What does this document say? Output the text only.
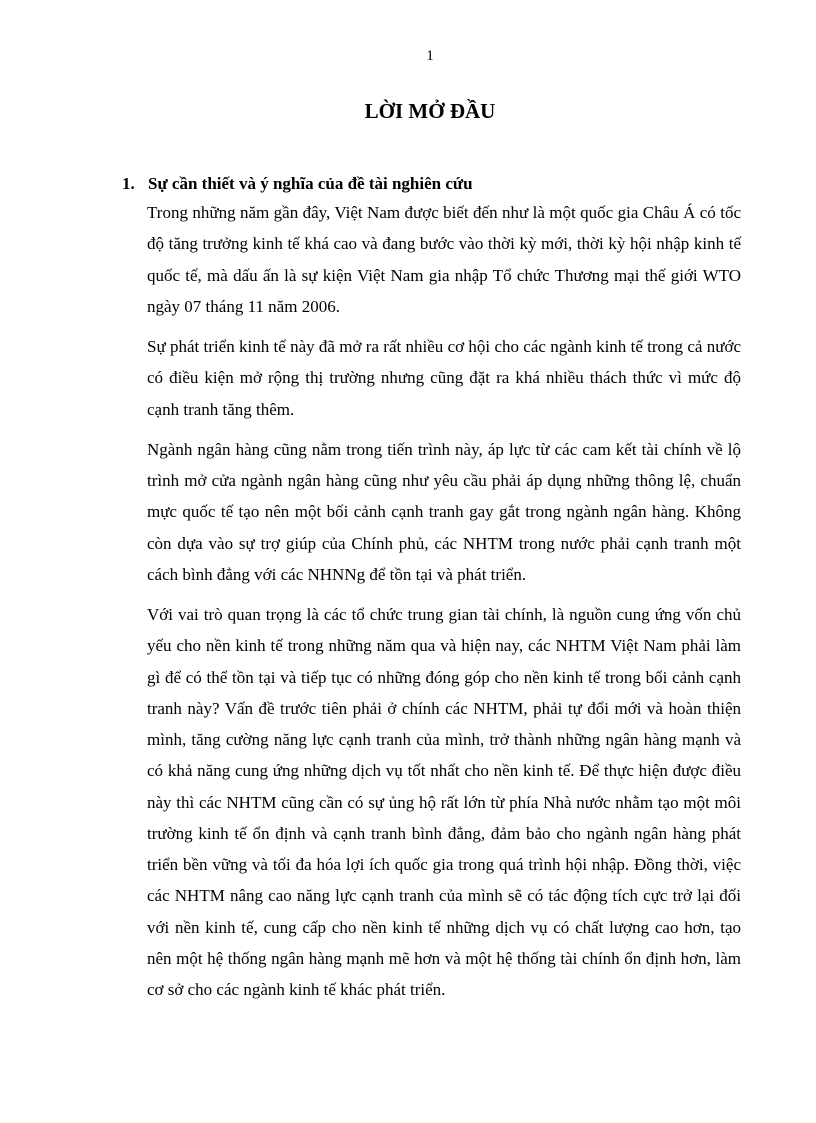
1
LỜI MỞ ĐẦU
1. Sự cần thiết và ý nghĩa của đề tài nghiên cứu

Trong những năm gần đây, Việt Nam được biết đến như là một quốc gia Châu Á có tốc độ tăng trưởng kinh tế khá cao và đang bước vào thời kỳ mới, thời kỳ hội nhập kinh tế quốc tế, mà dấu ấn là sự kiện Việt Nam gia nhập Tổ chức Thương mại thế giới WTO ngày 07 tháng 11 năm 2006.

Sự phát triển kinh tế này đã mở ra rất nhiều cơ hội cho các ngành kinh tế trong cả nước có điều kiện mở rộng thị trường nhưng cũng đặt ra khá nhiều thách thức vì mức độ cạnh tranh tăng thêm.

Ngành ngân hàng cũng nằm trong tiến trình này, áp lực từ các cam kết tài chính về lộ trình mở cửa ngành ngân hàng cũng như yêu cầu phải áp dụng những thông lệ, chuẩn mực quốc tế tạo nên một bối cảnh cạnh tranh gay gắt trong ngành ngân hàng. Không còn dựa vào sự trợ giúp của Chính phủ, các NHTM trong nước phải cạnh tranh một cách bình đẳng với các NHNNg để tồn tại và phát triển.

Với vai trò quan trọng là các tổ chức trung gian tài chính, là nguồn cung ứng vốn chủ yếu cho nền kinh tế trong những năm qua và hiện nay, các NHTM Việt Nam phải làm gì để có thể tồn tại và tiếp tục có những đóng góp cho nền kinh tế trong bối cảnh cạnh tranh này? Vấn đề trước tiên phải ở chính các NHTM, phải tự đổi mới và hoàn thiện mình, tăng cường năng lực cạnh tranh của mình, trở thành những ngân hàng mạnh và có khả năng cung ứng những dịch vụ tốt nhất cho nền kinh tế. Để thực hiện được điều này thì các NHTM cũng cần có sự ủng hộ rất lớn từ phía Nhà nước nhằm tạo một môi trường kinh tế ổn định và cạnh tranh bình đẳng, đảm bảo cho ngành ngân hàng phát triển bền vững và tối đa hóa lợi ích quốc gia trong quá trình hội nhập. Đồng thời, việc các NHTM nâng cao năng lực cạnh tranh của mình sẽ có tác động tích cực trở lại đối với nền kinh tế, cung cấp cho nền kinh tế những dịch vụ có chất lượng cao hơn, tạo nên một hệ thống ngân hàng mạnh mẽ hơn và một hệ thống tài chính ổn định hơn, làm cơ sở cho các ngành kinh tế khác phát triển.
